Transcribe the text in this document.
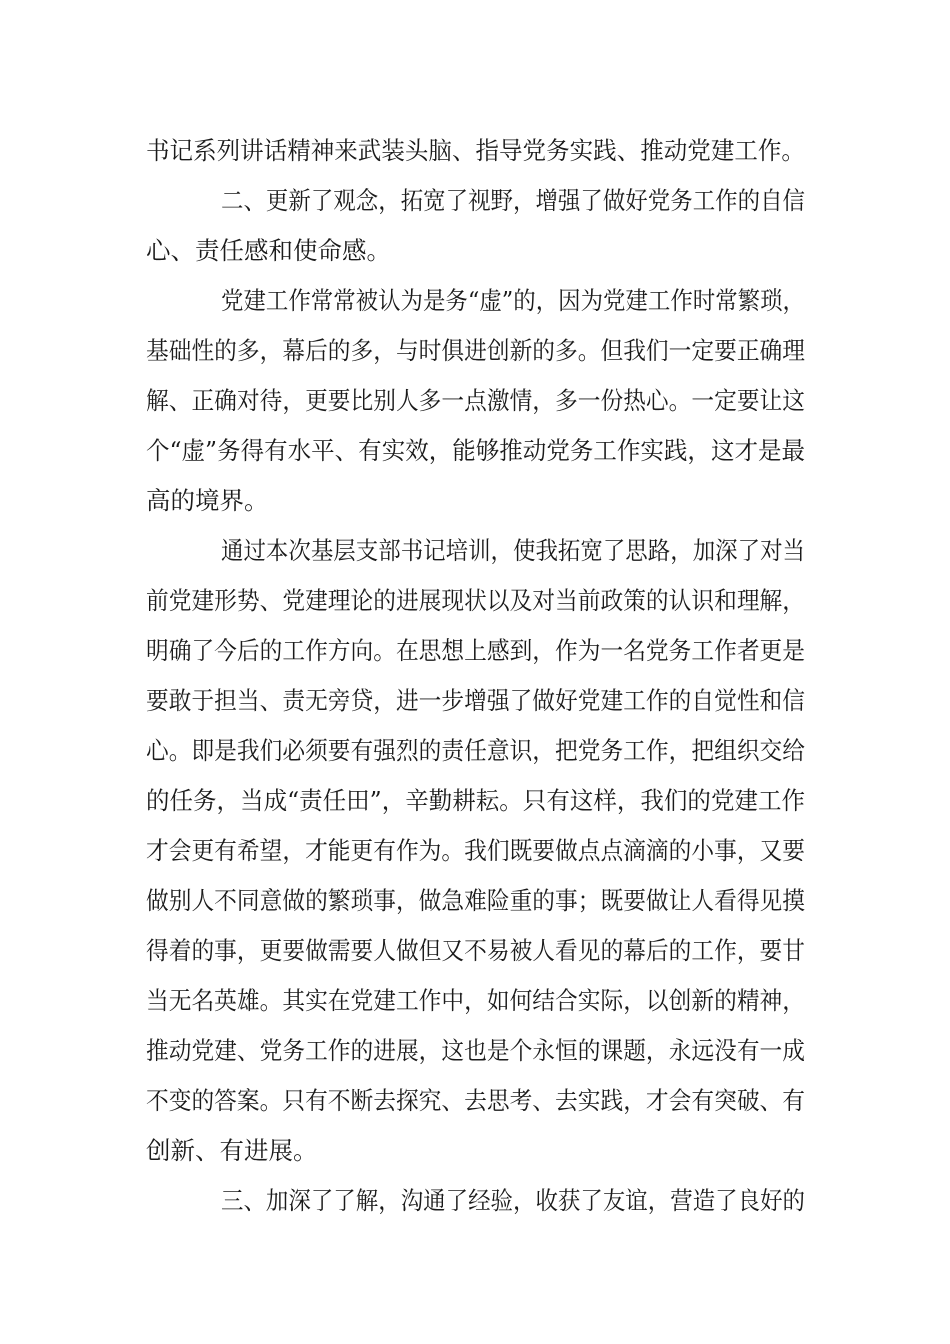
书记系列讲话精神来武装头脑、指导党务实践、推动党建工作。
二、更新了观念，拓宽了视野，增强了做好党务工作的自信
心、责任感和使命感。
党建工作常常被认为是务“虚”的，因为党建工作时常繁琐，
基础性的多，幕后的多，与时俱进创新的多。但我们一定要正确理
解、正确对待，更要比别人多一点激情，多一份热心。一定要让这
个“虚”务得有水平、有实效，能够推动党务工作实践，这才是最
高的境界。
通过本次基层支部书记培训，使我拓宽了思路，加深了对当
前党建形势、党建理论的进展现状以及对当前政策的认识和理解，
明确了今后的工作方向。在思想上感到，作为一名党务工作者更是
要敢于担当、责无旁贷，进一步增强了做好党建工作的自觉性和信
心。即是我们必须要有强烈的责任意识，把党务工作，把组织交给
的任务，当成“责任田”，辛勤耕耘。只有这样，我们的党建工作
才会更有希望，才能更有作为。我们既要做点点滴滴的小事，又要
做别人不同意做的繁琐事，做急难险重的事；既要做让人看得见摸
得着的事，更要做需要人做但又不易被人看见的幕后的工作，要甘
当无名英雄。其实在党建工作中，如何结合实际，以创新的精神，
推动党建、党务工作的进展，这也是个永恒的课题，永远没有一成
不变的答案。只有不断去探究、去思考、去实践，才会有突破、有
创新、有进展。
三、加深了了解，沟通了经验，收获了友谊，营造了良好的
